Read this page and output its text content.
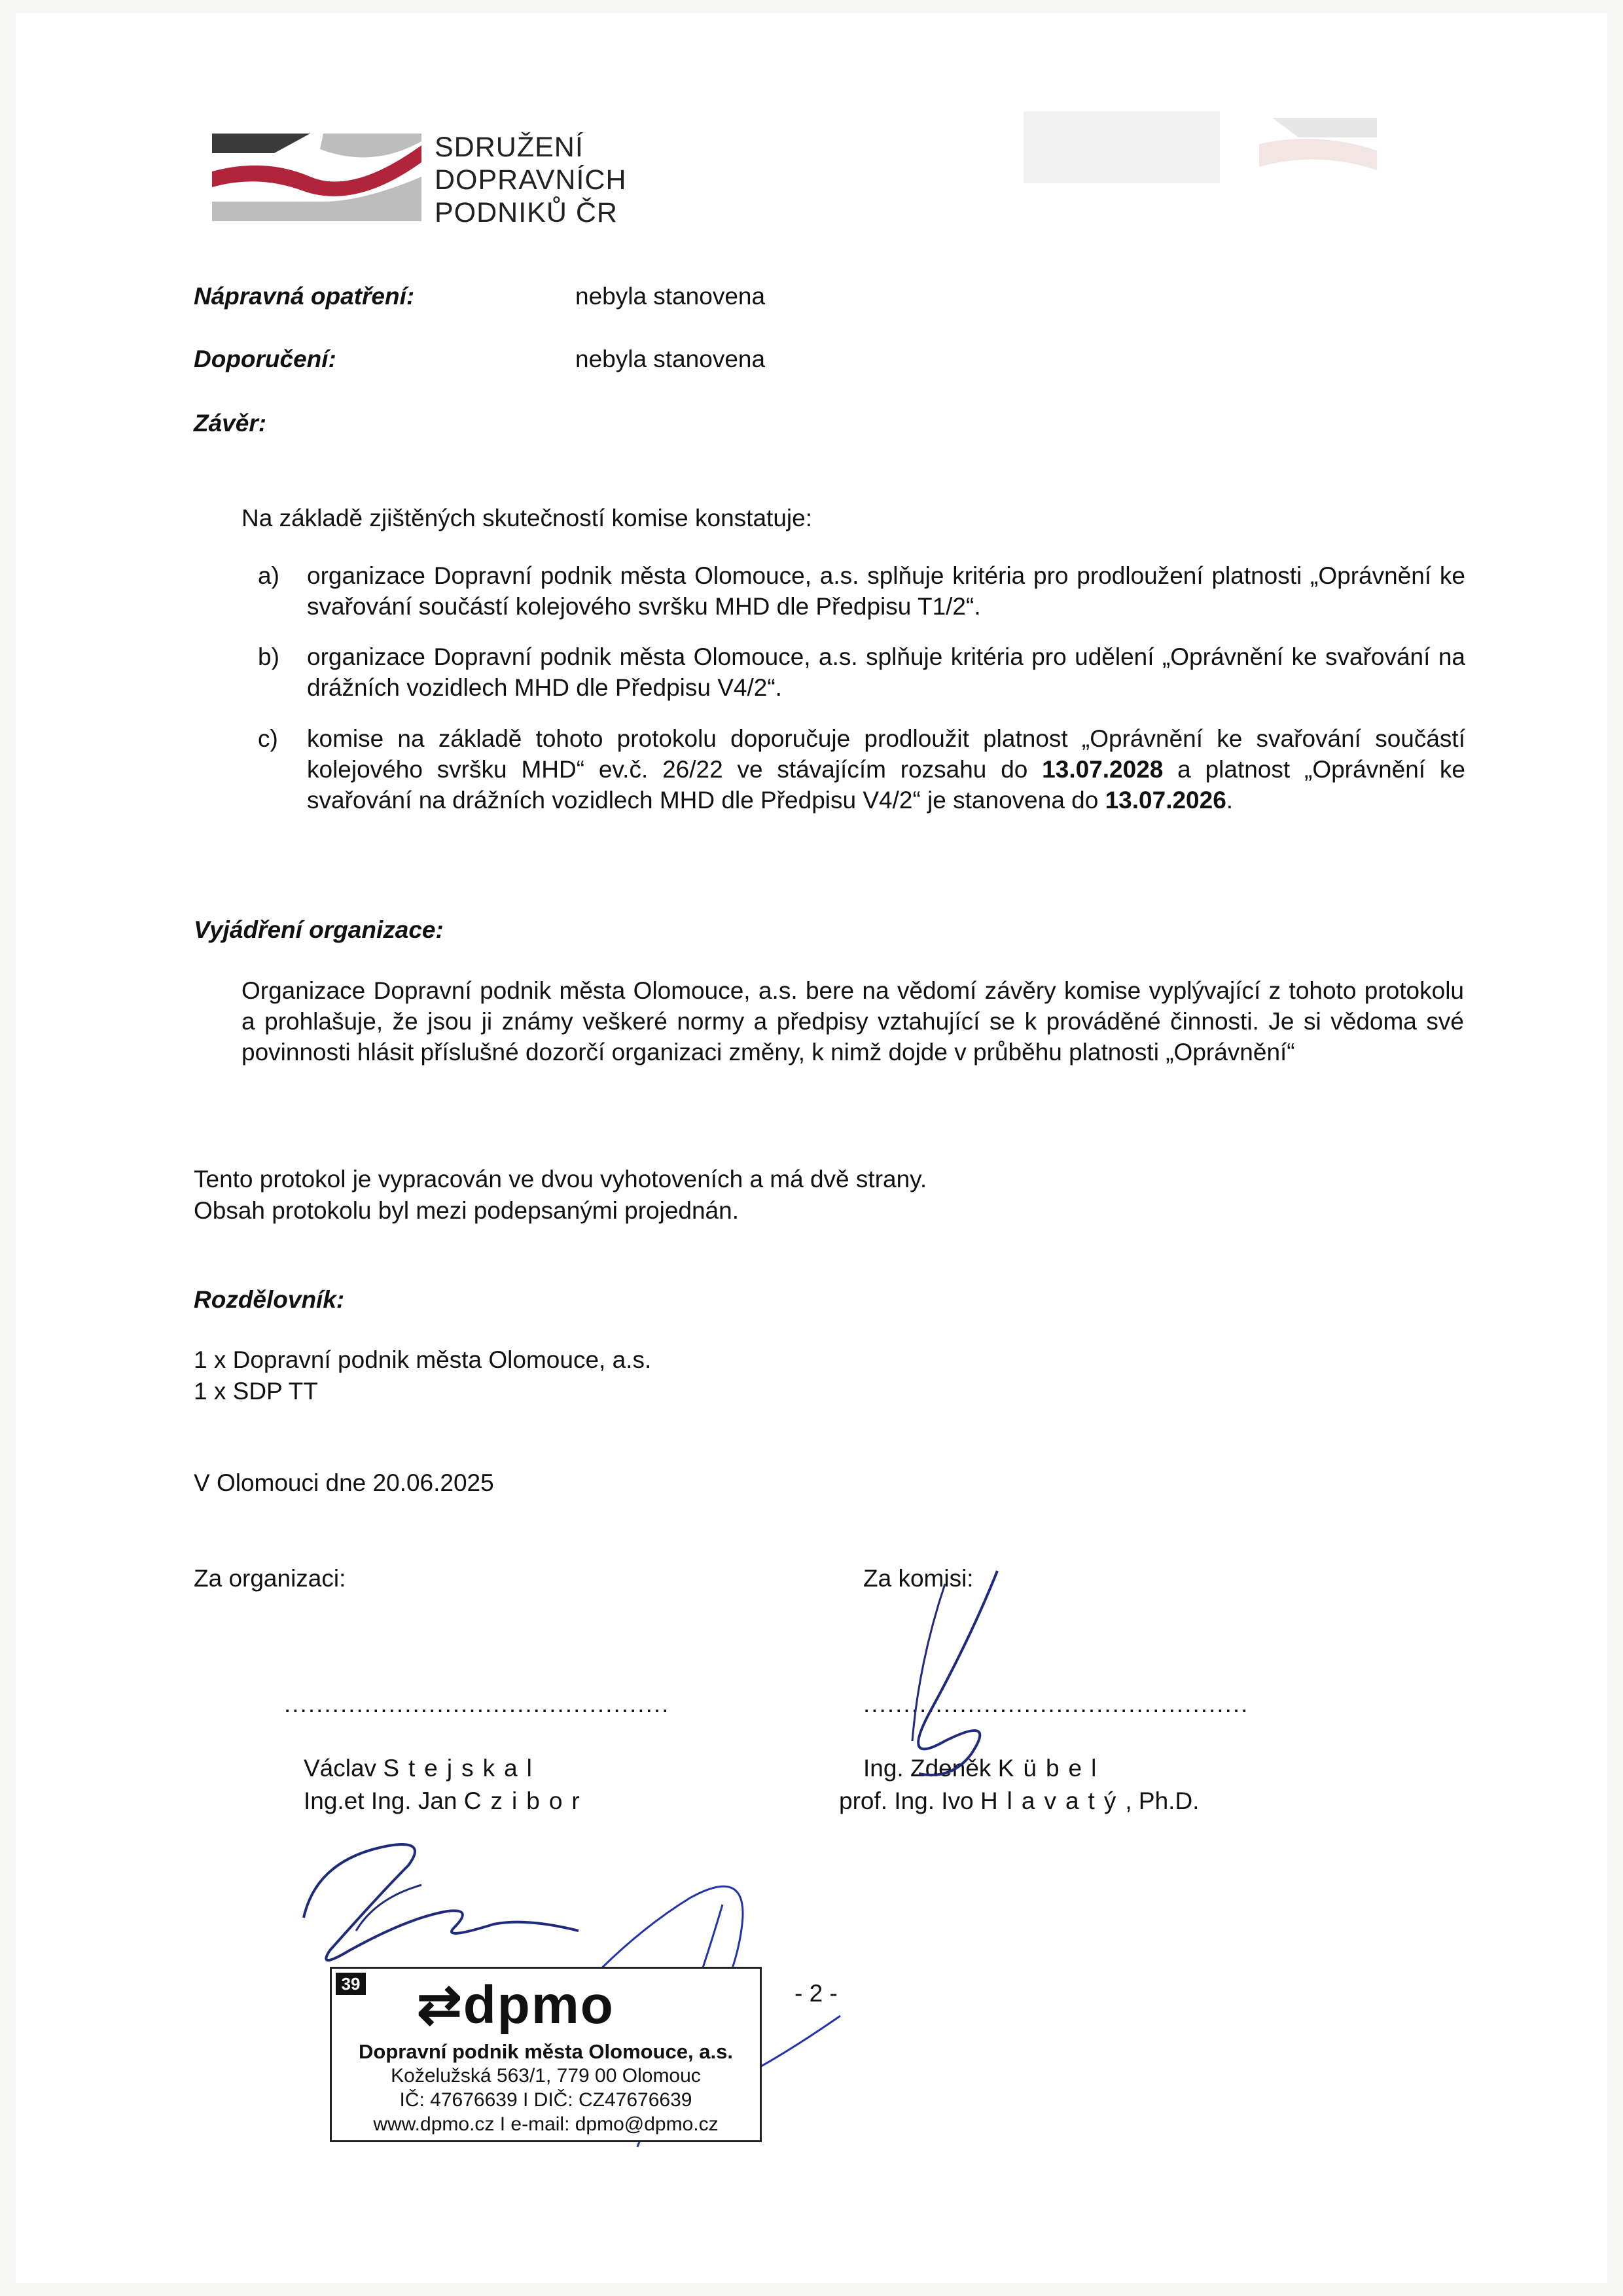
SDRUŽENÍ
DOPRAVNÍCH
PODNIKŮ ČR
Nápravná opatření:	nebyla stanovena
Doporučení:	nebyla stanovena
Závěr:
Na základě zjištěných skutečností komise konstatuje:
a) organizace Dopravní podnik města Olomouce, a.s. splňuje kritéria pro prodloužení platnosti „Oprávnění ke svařování součástí kolejového svršku MHD dle Předpisu T1/2“.
b) organizace Dopravní podnik města Olomouce, a.s. splňuje kritéria pro udělení „Oprávnění ke svařování na drážních vozidlech MHD dle Předpisu V4/2“.
c) komise na základě tohoto protokolu doporučuje prodloužit platnost „Oprávnění ke svařování součástí kolejového svršku MHD“ ev.č. 26/22 ve stávajícím rozsahu do 13.07.2028 a platnost „Oprávnění ke svařování na drážních vozidlech MHD dle Předpisu V4/2“ je stanovena do 13.07.2026.
Vyjádření organizace:
Organizace Dopravní podnik města Olomouce, a.s. bere na vědomí závěry komise vyplývající z tohoto protokolu a prohlašuje, že jsou ji známy veškeré normy a předpisy vztahující se k prováděné činnosti. Je si vědoma své povinnosti hlásit příslušné dozorčí organizaci změny, k nimž dojde v průběhu platnosti „Oprávnění“
Tento protokol je vypracován ve dvou vyhotoveních a má dvě strany.
Obsah protokolu byl mezi podepsanými projednán.
Rozdělovník:
1 x Dopravní podnik města Olomouce, a.s.
1 x SDP TT
V Olomouci dne 20.06.2025
Za organizaci:	Za komisi:
................................................	................................................
Václav Stejskal
Ing.et Ing. Jan Czibor
Ing. Zdeněk Kübel
prof. Ing. Ivo Hlavatý, Ph.D.
- 2 -
39 ⇄dpmo
Dopravní podnik města Olomouce, a.s.
Koželužská 563/1, 779 00 Olomouc
IČ: 47676639 I DIČ: CZ47676639
www.dpmo.cz I e-mail: dpmo@dpmo.cz
